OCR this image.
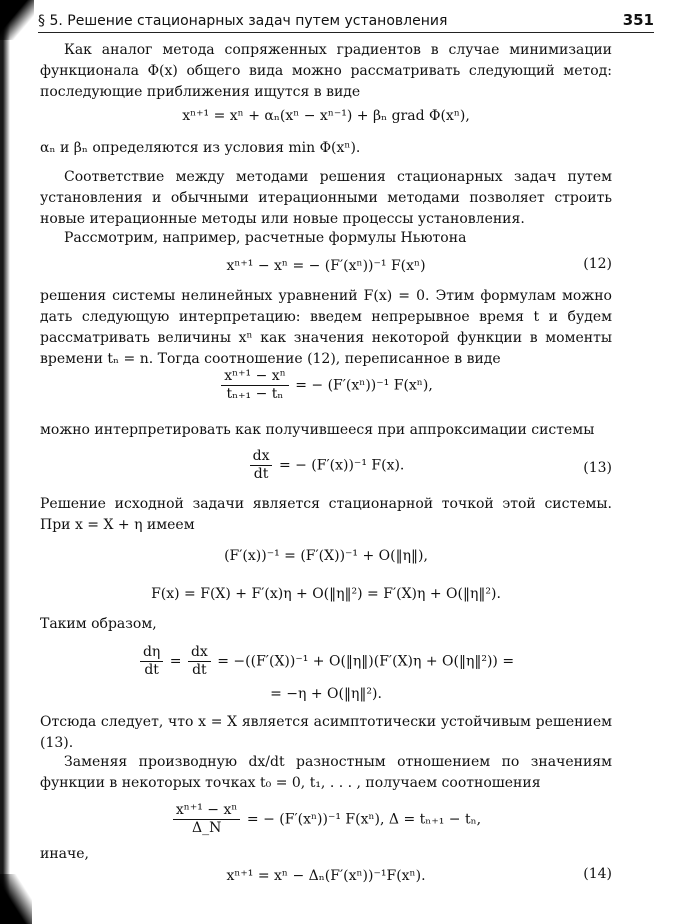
§ 5. Решение стационарных задач путем установления	351

Как аналог метода сопряженных градиентов в случае минимизации функционала Φ(x) общего вида можно рассматривать следующий метод: последующие приближения ищутся в виде

xⁿ⁺¹ = xⁿ + αₙ(xⁿ − xⁿ⁻¹) + βₙ grad Φ(xⁿ),

αₙ и βₙ определяются из условия min Φ(xⁿ).

Соответствие между методами решения стационарных задач путем установления и обычными итерационными методами позволяет строить новые итерационные методы или новые процессы установления.

Рассмотрим, например, расчетные формулы Ньютона

xⁿ⁺¹ − xⁿ = − (F′(xⁿ))⁻¹ F(xⁿ)	(12)

решения системы нелинейных уравнений F(x) = 0. Этим формулам можно дать следующую интерпретацию: введем непрерывное время t и будем рассматривать величины xⁿ как значения некоторой функции в моменты времени tₙ = n. Тогда соотношение (12), переписанное в виде

$\frac{\text{xⁿ⁺¹ − xⁿ}}{\text{tₙ₊₁ − tₙ}}$ = − (F′(xⁿ))⁻¹ F(xⁿ),

можно интерпретировать как получившееся при аппроксимации системы

$\frac{dx}{dt}$ = − (F′(x))⁻¹ F(x).	(13)

Решение исходной задачи является стационарной точкой этой системы. При x = X + η имеем

(F′(x))⁻¹ = (F′(X))⁻¹ + O(‖η‖),
F(x) = F(X) + F′(x)η + O(‖η‖²) = F′(X)η + O(‖η‖²).
Таким образом,
$\frac{d\eta}{dt} = \frac{dx}{dt} = -((F'(X))^{-1}$ + O(‖η‖)(F′(X)η + O(‖η‖²)) =
= −η + O(‖η‖²).

Отсюда следует, что x = X является асимптотически устойчивым решением (13).

Заменяя производную dx/dt разностным отношением по значениям функции в некоторых точках t₀ = 0, t₁, . . . , получаем соотношения

$\frac{\text{xⁿ⁺¹ − xⁿ}}{\Delta\_N}$ = − (F′(xⁿ))⁻¹ F(xⁿ), Δ = tₙ₊₁ − tₙ,
иначе,
xⁿ⁺¹ = xⁿ − Δₙ(F′(xⁿ))⁻¹F(xⁿ).	(14)
